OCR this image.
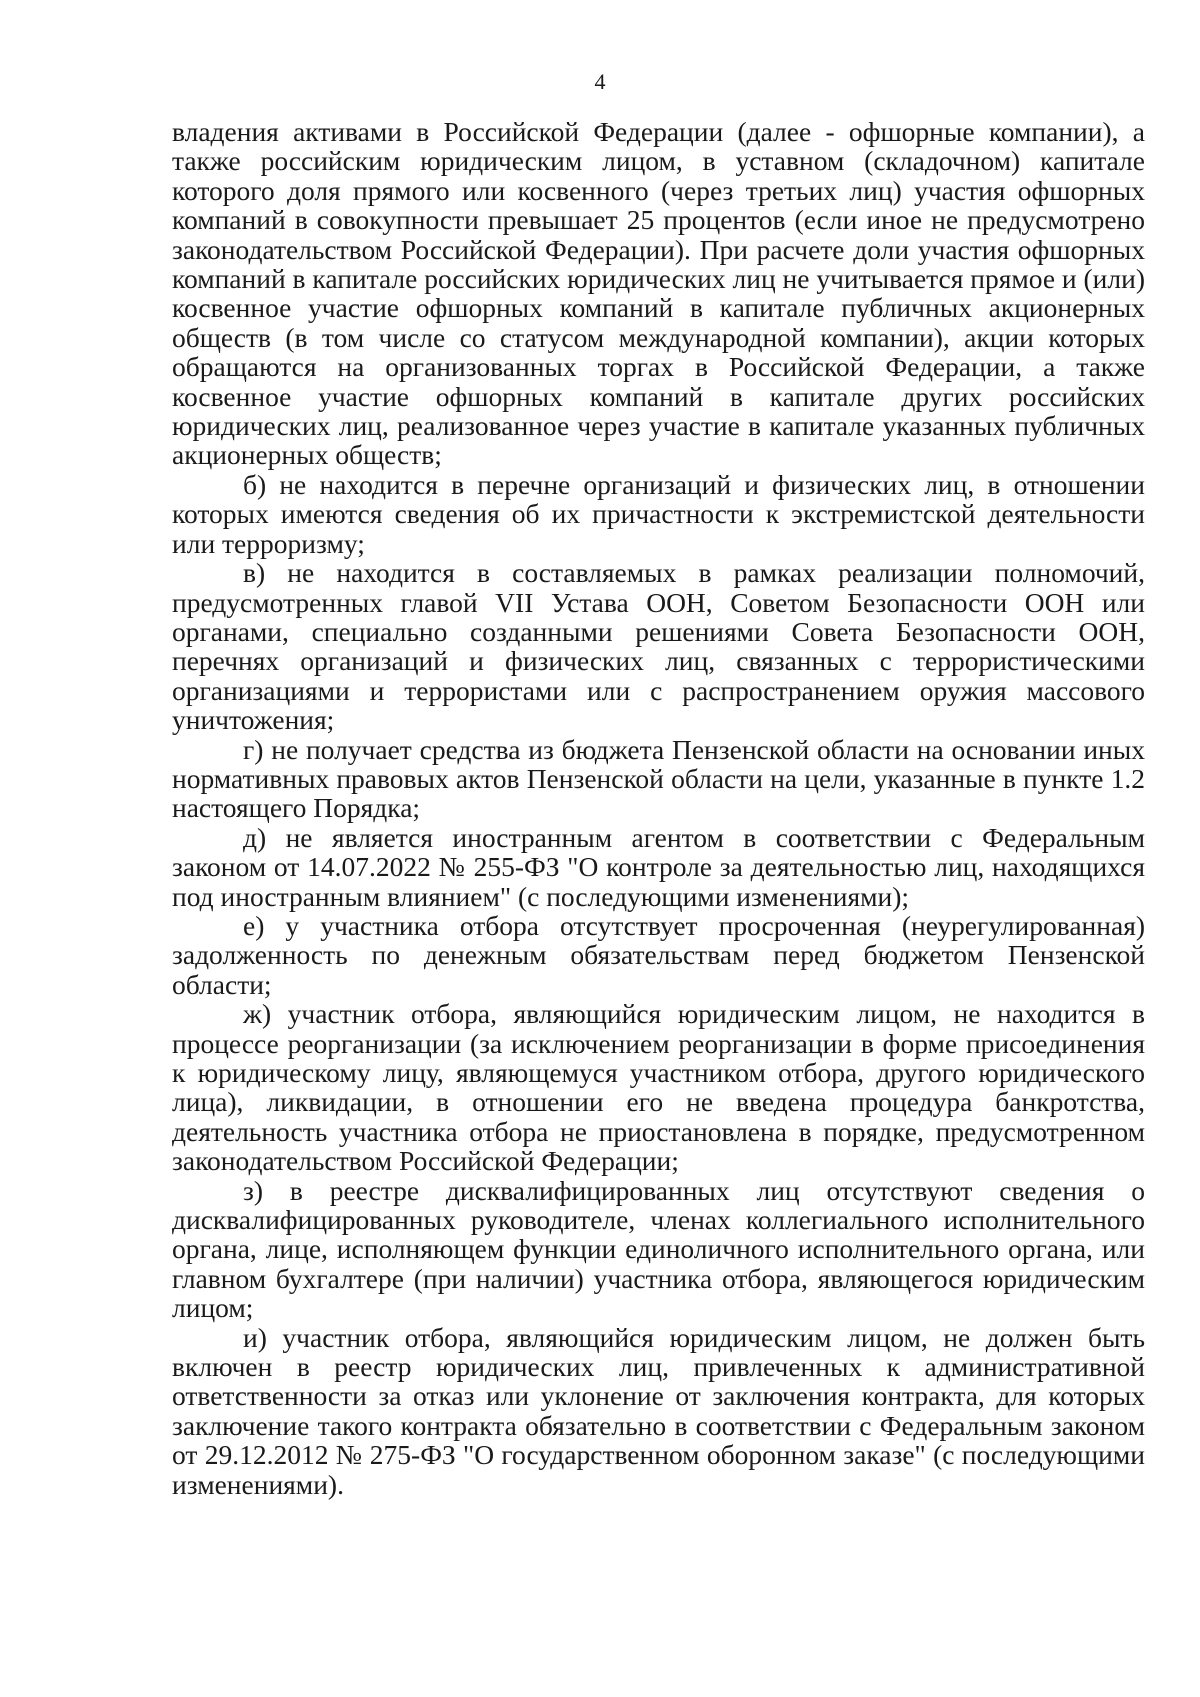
4

владения активами в Российской Федерации (далее - офшорные компании), а также российским юридическим лицом, в уставном (складочном) капитале которого доля прямого или косвенного (через третьих лиц) участия офшорных компаний в совокупности превышает 25 процентов (если иное не предусмотрено законодательством Российской Федерации). При расчете доли участия офшорных компаний в капитале российских юридических лиц не учитывается прямое и (или) косвенное участие офшорных компаний в капитале публичных акционерных обществ (в том числе со статусом международной компании), акции которых обращаются на организованных торгах в Российской Федерации, а также косвенное участие офшорных компаний в капитале других российских юридических лиц, реализованное через участие в капитале указанных публичных акционерных обществ;

б) не находится в перечне организаций и физических лиц, в отношении которых имеются сведения об их причастности к экстремистской деятельности или терроризму;

в) не находится в составляемых в рамках реализации полномочий, предусмотренных главой VII Устава ООН, Советом Безопасности ООН или органами, специально созданными решениями Совета Безопасности ООН, перечнях организаций и физических лиц, связанных с террористическими организациями и террористами или с распространением оружия массового уничтожения;

г) не получает средства из бюджета Пензенской области на основании иных нормативных правовых актов Пензенской области на цели, указанные в пункте 1.2 настоящего Порядка;

д) не является иностранным агентом в соответствии с Федеральным законом от 14.07.2022 № 255-ФЗ "О контроле за деятельностью лиц, находящихся под иностранным влиянием" (с последующими изменениями);

е) у участника отбора отсутствует просроченная (неурегулированная) задолженность по денежным обязательствам перед бюджетом Пензенской области;

ж) участник отбора, являющийся юридическим лицом, не находится в процессе реорганизации (за исключением реорганизации в форме присоединения к юридическому лицу, являющемуся участником отбора, другого юридического лица), ликвидации, в отношении его не введена процедура банкротства, деятельность участника отбора не приостановлена в порядке, предусмотренном законодательством Российской Федерации;

з) в реестре дисквалифицированных лиц отсутствуют сведения о дисквалифицированных руководителе, членах коллегиального исполнительного органа, лице, исполняющем функции единоличного исполнительного органа, или главном бухгалтере (при наличии) участника отбора, являющегося юридическим лицом;

и) участник отбора, являющийся юридическим лицом, не должен быть включен в реестр юридических лиц, привлеченных к административной ответственности за отказ или уклонение от заключения контракта, для которых заключение такого контракта обязательно в соответствии с Федеральным законом от 29.12.2012 № 275-ФЗ "О государственном оборонном заказе" (с последующими изменениями).
